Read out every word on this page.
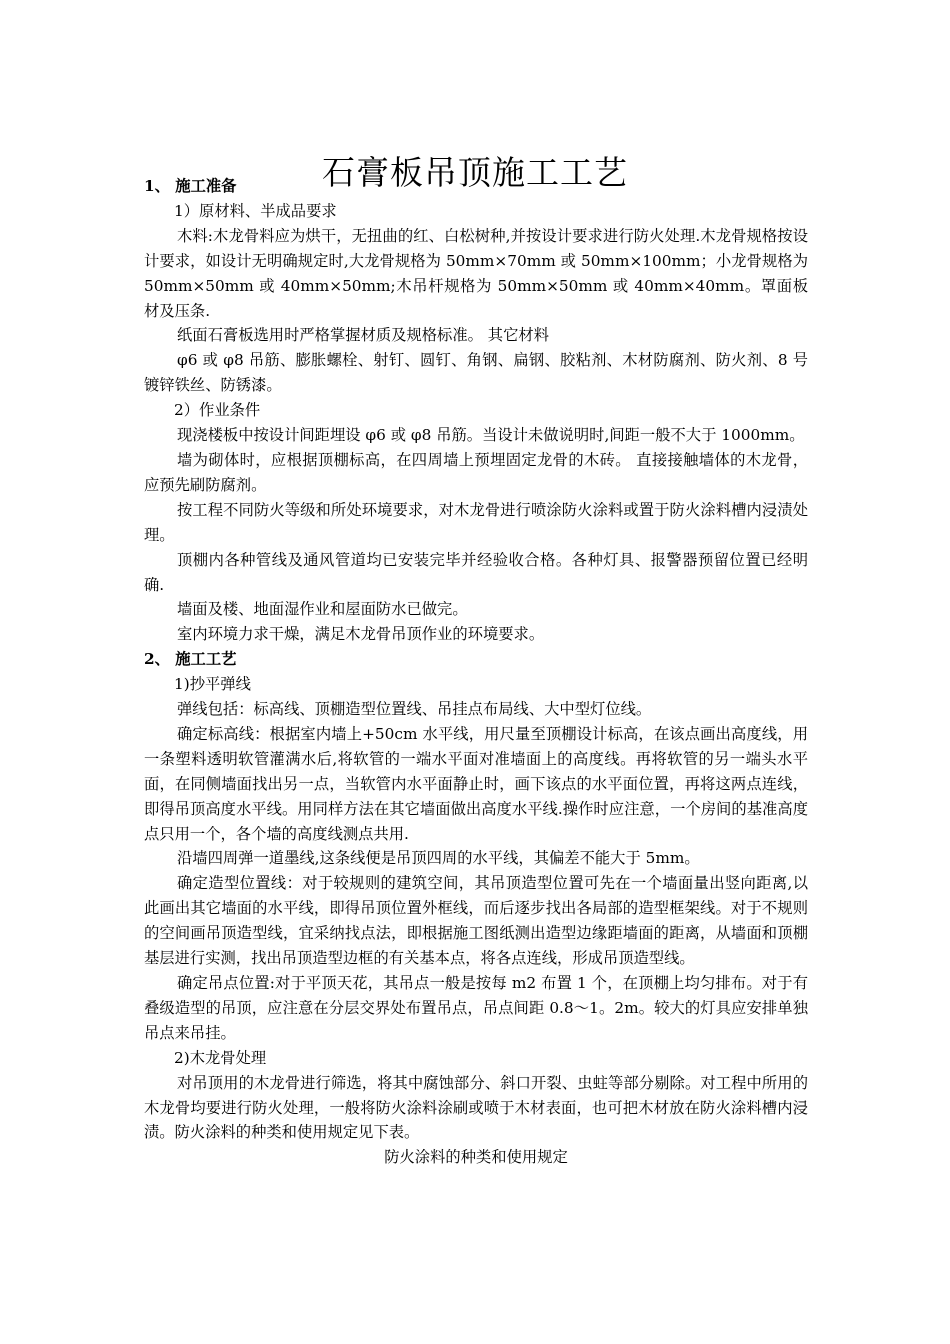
石膏板吊顶施工工艺

1、 施工准备

1）原材料、半成品要求

木料:木龙骨料应为烘干，无扭曲的红、白松树种,并按设计要求进行防火处理.木龙骨规格按设计要求，如设计无明确规定时,大龙骨规格为 50mm×70mm 或 50mm×100mm；小龙骨规格为 50mm×50mm 或 40mm×50mm;木吊杆规格为 50mm×50mm 或 40mm×40mm。罩面板材及压条.

纸面石膏板选用时严格掌握材质及规格标准。 其它材料

φ6 或 φ8 吊筋、膨胀螺栓、射钉、圆钉、角钢、扁钢、胶粘剂、木材防腐剂、防火剂、8 号镀锌铁丝、防锈漆。

2）作业条件

现浇楼板中按设计间距埋设 φ6 或 φ8 吊筋。当设计未做说明时,间距一般不大于 1000mm。

墙为砌体时，应根据顶棚标高，在四周墙上预埋固定龙骨的木砖。 直接接触墙体的木龙骨，应预先刷防腐剂。

按工程不同防火等级和所处环境要求，对木龙骨进行喷涂防火涂料或置于防火涂料槽内浸渍处理。

顶棚内各种管线及通风管道均已安装完毕并经验收合格。各种灯具、报警器预留位置已经明确.

墙面及楼、地面湿作业和屋面防水已做完。

室内环境力求干燥，满足木龙骨吊顶作业的环境要求。

2、 施工工艺

1)抄平弹线

弹线包括：标高线、顶棚造型位置线、吊挂点布局线、大中型灯位线。

确定标高线：根据室内墙上+50cm 水平线，用尺量至顶棚设计标高，在该点画出高度线，用一条塑料透明软管灌满水后,将软管的一端水平面对准墙面上的高度线。再将软管的另一端头水平面，在同侧墙面找出另一点，当软管内水平面静止时，画下该点的水平面位置，再将这两点连线，即得吊顶高度水平线。用同样方法在其它墙面做出高度水平线.操作时应注意，一个房间的基准高度点只用一个，各个墙的高度线测点共用.

沿墙四周弹一道墨线,这条线便是吊顶四周的水平线，其偏差不能大于 5mm。

确定造型位置线：对于较规则的建筑空间，其吊顶造型位置可先在一个墙面量出竖向距离,以此画出其它墙面的水平线，即得吊顶位置外框线，而后逐步找出各局部的造型框架线。对于不规则的空间画吊顶造型线，宜采纳找点法，即根据施工图纸测出造型边缘距墙面的距离，从墙面和顶棚基层进行实测，找出吊顶造型边框的有关基本点，将各点连线，形成吊顶造型线。

确定吊点位置:对于平顶天花，其吊点一般是按每 m2 布置 1 个，在顶棚上均匀排布。对于有叠级造型的吊顶，应注意在分层交界处布置吊点，吊点间距 0.8～1。2m。较大的灯具应安排单独吊点来吊挂。

2)木龙骨处理

对吊顶用的木龙骨进行筛选，将其中腐蚀部分、斜口开裂、虫蛀等部分剔除。对工程中所用的木龙骨均要进行防火处理，一般将防火涂料涂刷或喷于木材表面，也可把木材放在防火涂料槽内浸渍。防火涂料的种类和使用规定见下表。

防火涂料的种类和使用规定
